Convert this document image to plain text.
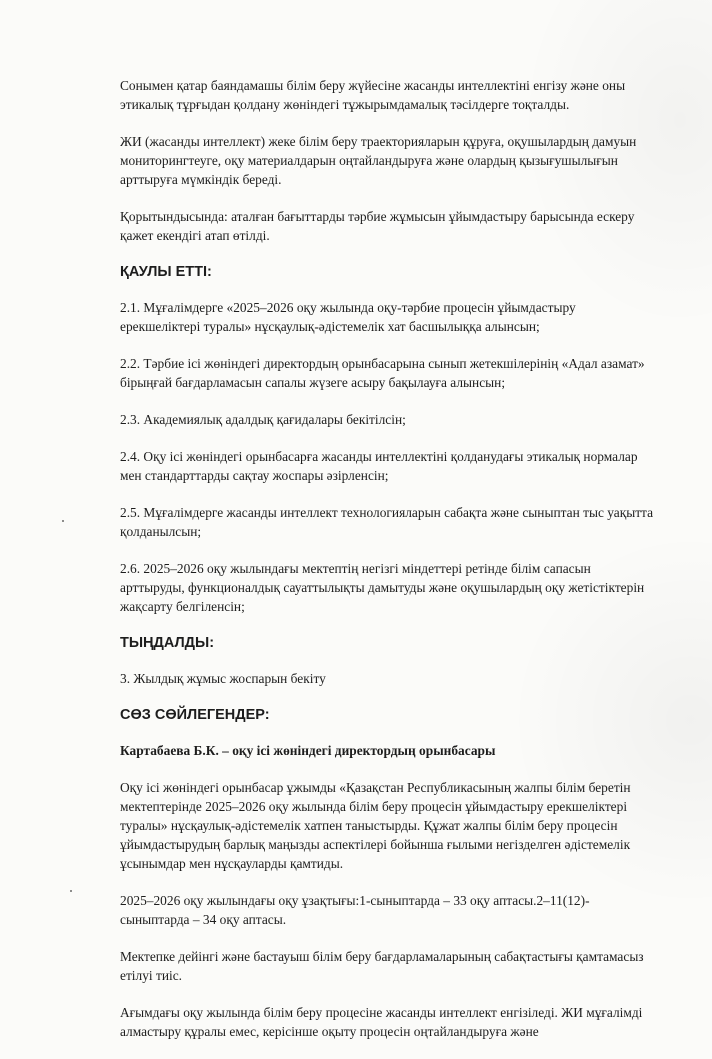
Сонымен қатар баяндамашы білім беру жүйесіне жасанды интеллектіні енгізу және оны этикалық тұрғыдан қолдану жөніндегі тұжырымдамалық тәсілдерге тоқталды.

ЖИ (жасанды интеллект) жеке білім беру траекторияларын құруға, оқушылардың дамуын мониторингтеуге, оқу материалдарын оңтайландыруға және олардың қызығушылығын арттыруға мүмкіндік береді.

Қорытындысында: аталған бағыттарды тәрбие жұмысын ұйымдастыру барысында ескеру қажет екендігі атап өтілді.

ҚАУЛЫ ЕТТІ:

2.1. Мұғалімдерге «2025–2026 оқу жылында оқу-тәрбие процесін ұйымдастыру ерекшеліктері туралы» нұсқаулық-әдістемелік хат басшылыққа алынсын;

2.2. Тәрбие ісі жөніндегі директордың орынбасарына сынып жетекшілерінің «Адал азамат» бірыңғай бағдарламасын сапалы жүзеге асыру бақылауға алынсын;

2.3. Академиялық адалдық қағидалары бекітілсін;

2.4. Оқу ісі жөніндегі орынбасарға жасанды интеллектіні қолданудағы этикалық нормалар мен стандарттарды сақтау жоспары әзірленсін;

2.5. Мұғалімдерге жасанды интеллект технологияларын сабақта және сыныптан тыс уақытта қолданылсын;

2.6. 2025–2026 оқу жылындағы мектептің негізгі міндеттері ретінде білім сапасын арттыруды, функционалдық сауаттылықты дамытуды және оқушылардың оқу жетістіктерін жақсарту белгіленсін;

ТЫҢДАЛДЫ:

3. Жылдық жұмыс жоспарын бекіту

СӨЗ СӨЙЛЕГЕНДЕР:

Картабаева Б.К. – оқу ісі жөніндегі директордың орынбасары

Оқу ісі жөніндегі орынбасар ұжымды «Қазақстан Республикасының жалпы білім беретін мектептерінде 2025–2026 оқу жылында білім беру процесін ұйымдастыру ерекшеліктері туралы» нұсқаулық-әдістемелік хатпен таныстырды. Құжат жалпы білім беру процесін ұйымдастырудың барлық маңызды аспектілері бойынша ғылыми негізделген әдістемелік ұсынымдар мен нұсқауларды қамтиды.

2025–2026 оқу жылындағы оқу ұзақтығы:1-сыныптарда – 33 оқу аптасы.2–11(12)-сыныптарда – 34 оқу аптасы.

Мектепке дейінгі және бастауыш білім беру бағдарламаларының сабақтастығы қамтамасыз етілуі тиіс.

Ағымдағы оқу жылында білім беру процесіне жасанды интеллект енгізіледі. ЖИ мұғалімді алмастыру құралы емес, керісінше оқыту процесін оңтайландыруға және
